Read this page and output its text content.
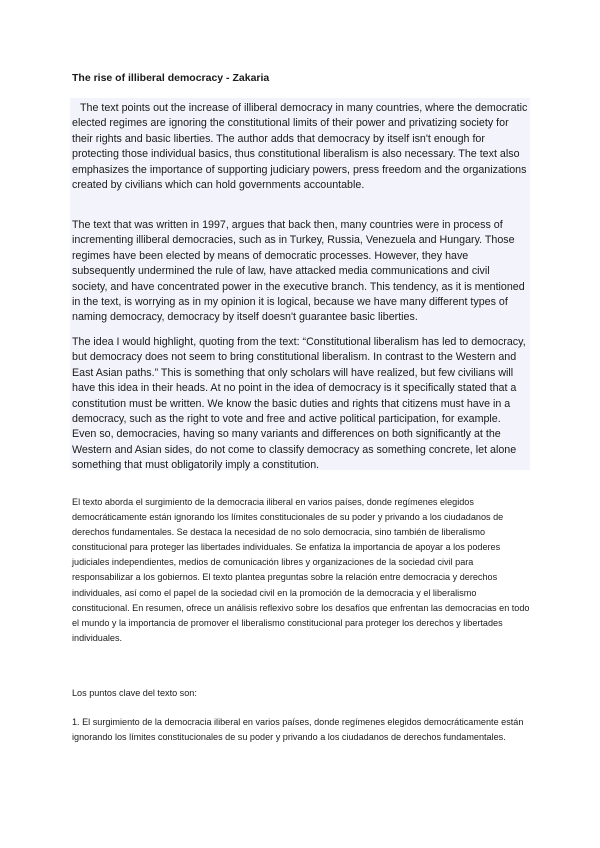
The rise of illiberal democracy - Zakaria

The text points out the increase of illiberal democracy in many countries, where the democratic elected regimes are ignoring the constitutional limits of their power and privatizing society for their rights and basic liberties. The author adds that democracy by itself isn't enough for protecting those individual basics, thus constitutional liberalism is also necessary. The text also emphasizes the importance of supporting judiciary powers, press freedom and the organizations created by civilians which can hold governments accountable.

The text that was written in 1997, argues that back then, many countries were in process of incrementing illiberal democracies, such as in Turkey, Russia, Venezuela and Hungary. Those regimes have been elected by means of democratic processes. However, they have subsequently undermined the rule of law, have attacked media communications and civil society, and have concentrated power in the executive branch. This tendency, as it is mentioned in the text, is worrying as in my opinion it is logical, because we have many different types of naming democracy, democracy by itself doesn't guarantee basic liberties.

The idea I would highlight, quoting from the text: “Constitutional liberalism has led to democracy, but democracy does not seem to bring constitutional liberalism. In contrast to the Western and East Asian paths.” This is something that only scholars will have realized, but few civilians will have this idea in their heads. At no point in the idea of democracy is it specifically stated that a constitution must be written. We know the basic duties and rights that citizens must have in a democracy, such as the right to vote and free and active political participation, for example. Even so, democracies, having so many variants and differences on both significantly at the Western and Asian sides, do not come to classify democracy as something concrete, let alone something that must obligatorily imply a constitution.

El texto aborda el surgimiento de la democracia iliberal en varios países, donde regímenes elegidos democráticamente están ignorando los límites constitucionales de su poder y privando a los ciudadanos de derechos fundamentales. Se destaca la necesidad de no solo democracia, sino también de liberalismo constitucional para proteger las libertades individuales. Se enfatiza la importancia de apoyar a los poderes judiciales independientes, medios de comunicación libres y organizaciones de la sociedad civil para responsabilizar a los gobiernos. El texto plantea preguntas sobre la relación entre democracia y derechos individuales, así como el papel de la sociedad civil en la promoción de la democracia y el liberalismo constitucional. En resumen, ofrece un análisis reflexivo sobre los desafíos que enfrentan las democracias en todo el mundo y la importancia de promover el liberalismo constitucional para proteger los derechos y libertades individuales.

Los puntos clave del texto son:

1. El surgimiento de la democracia iliberal en varios países, donde regímenes elegidos democráticamente están ignorando los límites constitucionales de su poder y privando a los ciudadanos de derechos fundamentales.
